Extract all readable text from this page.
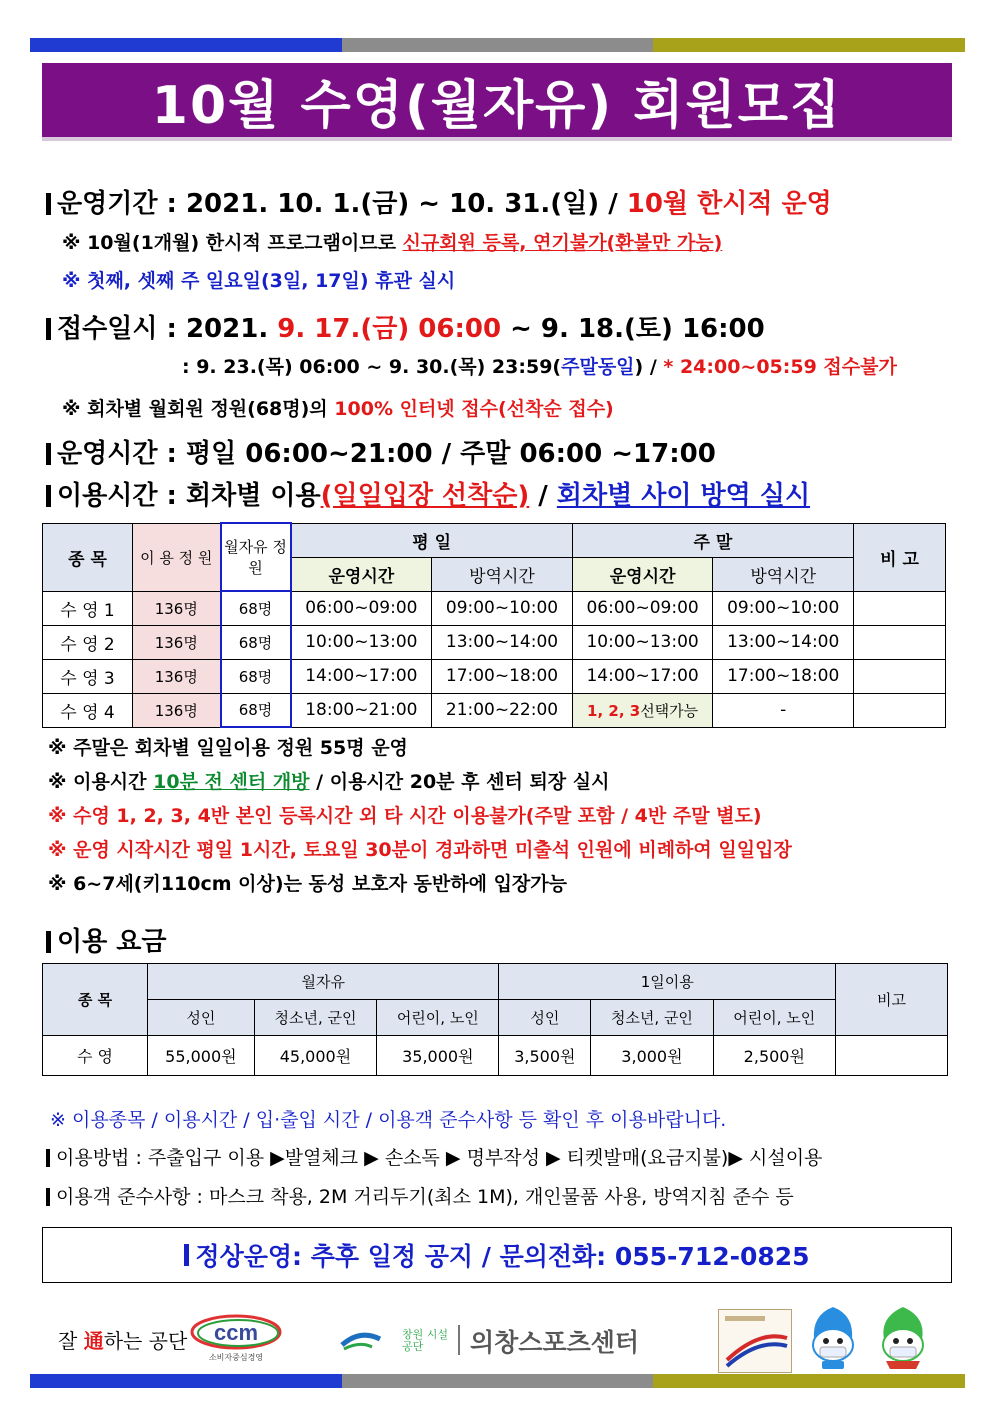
10월 수영(월자유) 회원모집
운영기간 : 2021. 10. 1.(금) ~ 10. 31.(일) / 10월 한시적 운영
※ 10월(1개월) 한시적 프로그램이므로 신규회원 등록, 연기불가(환불만 가능)
※ 첫째, 셋째 주 일요일(3일, 17일) 휴관 실시
접수일시 : 2021. 9. 17.(금) 06:00 ~ 9. 18.(토) 16:00
: 9. 23.(목) 06:00 ~ 9. 30.(목) 23:59(주말동일) / * 24:00~05:59 접수불가
※ 회차별 월회원 정원(68명)의 100% 인터넷 접수(선착순 접수)
운영시간 : 평일 06:00~21:00 / 주말 06:00 ~17:00
이용시간 : 회차별 이용(일일입장 선착순) / 회차별 사이 방역 실시
종 목	이 용 정 원	월자유 정원	평 일		주 말		비 고
			운영시간	방역시간	운영시간	방역시간	
수 영 1	136명	68명	06:00~09:00	09:00~10:00	06:00~09:00	09:00~10:00	
수 영 2	136명	68명	10:00~13:00	13:00~14:00	10:00~13:00	13:00~14:00	
수 영 3	136명	68명	14:00~17:00	17:00~18:00	14:00~17:00	17:00~18:00	
수 영 4	136명	68명	18:00~21:00	21:00~22:00	1, 2, 3선택가능	-	
※ 주말은 회차별 일일이용 정원 55명 운영
※ 이용시간 10분 전 센터 개방 / 이용시간 20분 후 센터 퇴장 실시
※ 수영 1, 2, 3, 4반 본인 등록시간 외 타 시간 이용불가(주말 포함 / 4반 주말 별도)
※ 운영 시작시간 평일 1시간, 토요일 30분이 경과하면 미출석 인원에 비례하여 일일입장
※ 6~7세(키110cm 이상)는 동성 보호자 동반하에 입장가능
이용 요금
종 목	월자유			1일이용			비고
	성인	청소년, 군인	어린이, 노인	성인	청소년, 군인	어린이, 노인	
수 영	55,000원	45,000원	35,000원	3,500원	3,000원	2,500원	
※ 이용종목 / 이용시간 / 입·출입 시간 / 이용객 준수사항 등 확인 후 이용바랍니다.
이용방법 : 주출입구 이용 ▶발열체크 ▶ 손소독 ▶ 명부작성 ▶ 티켓발매(요금지불)▶ 시설이용
이용객 준수사항 : 마스크 착용, 2M 거리두기(최소 1M), 개인물품 사용, 방역지침 준수 등
정상운영: 추후 일정 공지 / 문의전화: 055-712-0825
잘 通하는 공단 ccm
소비자중심경영
창원 시설공단	의창스포츠센터
